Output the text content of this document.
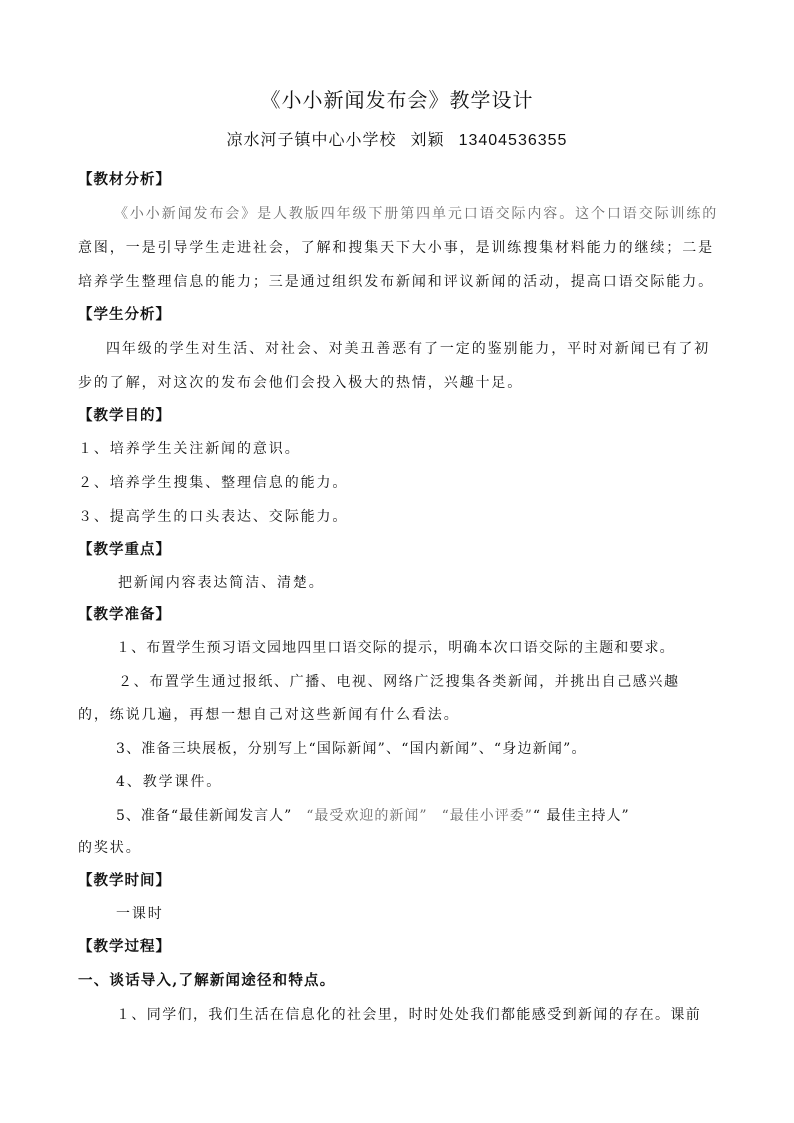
《小小新闻发布会》教学设计
凉水河子镇中心小学校 刘颖 13404536355
【教材分析】
《小小新闻发布会》是人教版四年级下册第四单元口语交际内容。这个口语交际训练的
意图，一是引导学生走进社会，了解和搜集天下大小事，是训练搜集材料能力的继续；二是
培养学生整理信息的能力；三是通过组织发布新闻和评议新闻的活动，提高口语交际能力。
【学生分析】
四年级的学生对生活、对社会、对美丑善恶有了一定的鉴别能力，平时对新闻已有了初
步的了解，对这次的发布会他们会投入极大的热情，兴趣十足。
【教学目的】
１、培养学生关注新闻的意识。
２、培养学生搜集、整理信息的能力。
３、提高学生的口头表达、交际能力。
【教学重点】
把新闻内容表达简洁、清楚。
【教学准备】
１、布置学生预习语文园地四里口语交际的提示，明确本次口语交际的主题和要求。
２、布置学生通过报纸、广播、电视、网络广泛搜集各类新闻，并挑出自己感兴趣
的，练说几遍，再想一想自己对这些新闻有什么看法。
3、准备三块展板，分别写上“国际新闻”、“国内新闻”、“身边新闻”。
4、教学课件。
5、准备“最佳新闻发言人” “最受欢迎的新闻” “最佳小评委”“ 最佳主持人”
的奖状。
【教学时间】
一课时
【教学过程】
一、谈话导入,了解新闻途径和特点。
１、同学们，我们生活在信息化的社会里，时时处处我们都能感受到新闻的存在。课前
